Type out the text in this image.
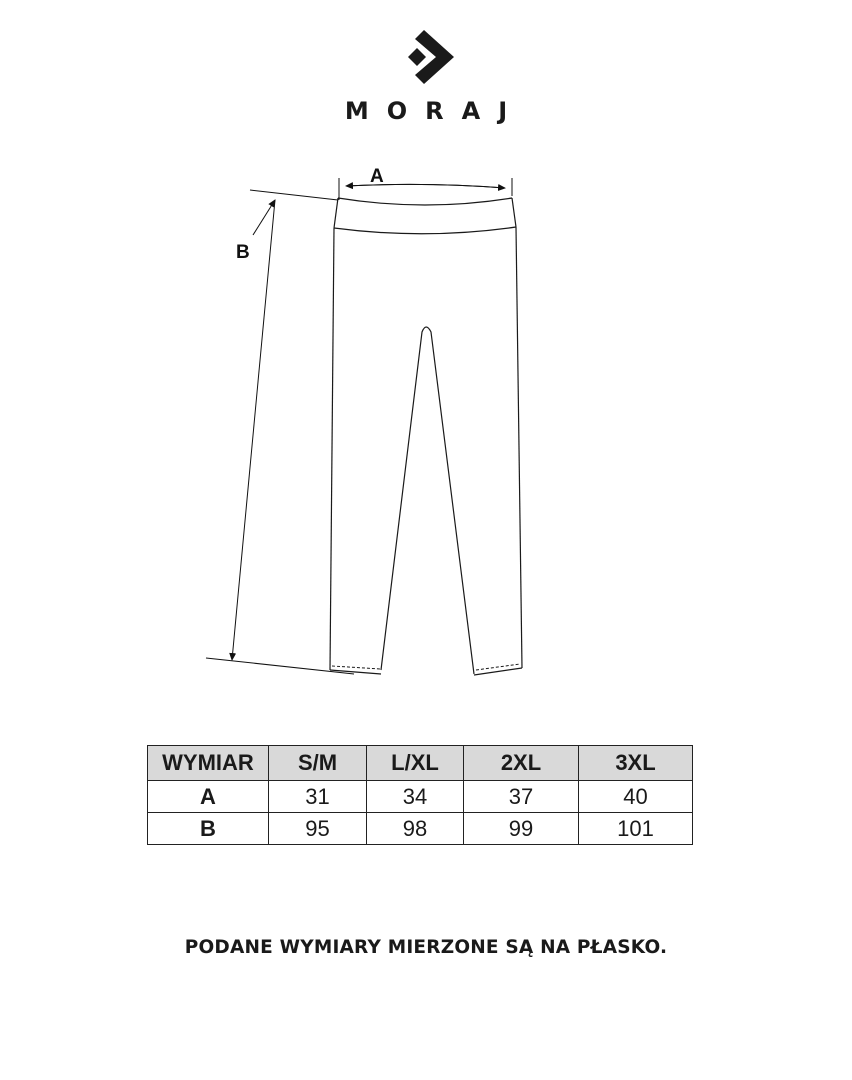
MORAJ
A
B
WYMIAR	S/M	L/XL	2XL	3XL
A	31	34	37	40
B	95	98	99	101
PODANE WYMIARY MIERZONE SĄ NA PŁASKO.
